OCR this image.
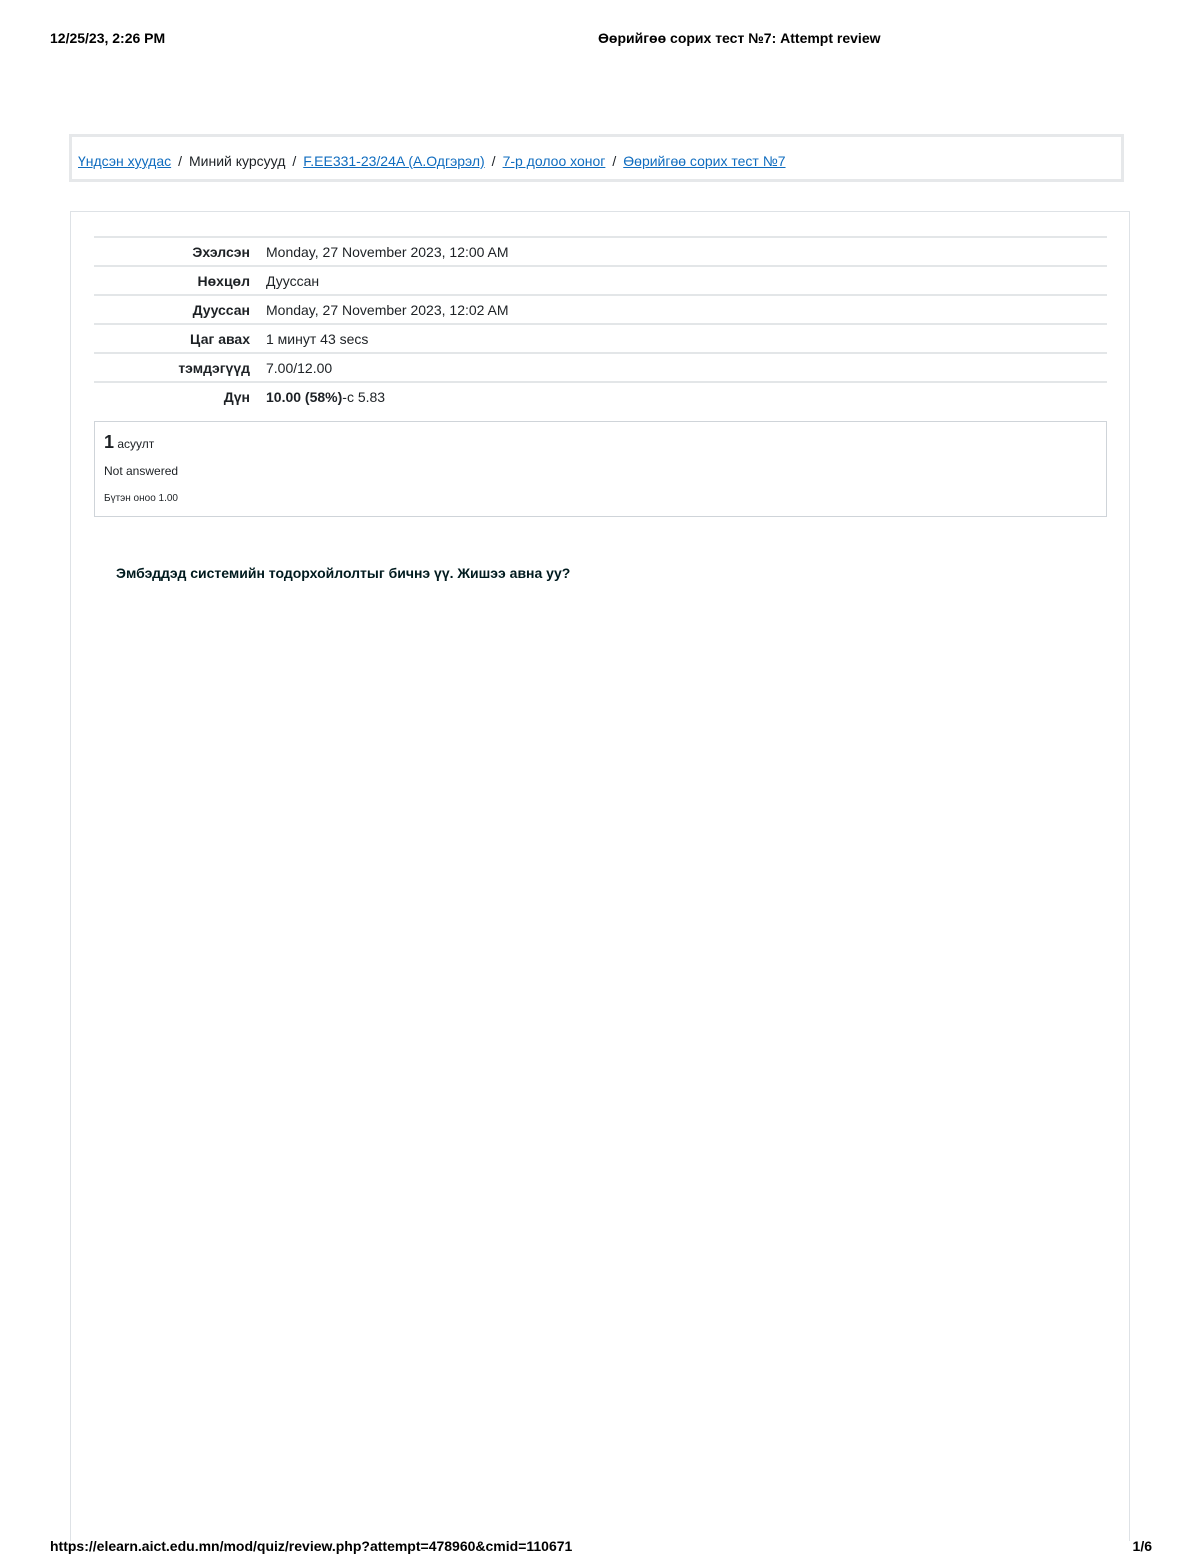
12/25/23, 2:26 PM	Өөрийгөө сорих тест №7: Attempt review
Үндсэн хуудас / Миний курсууд / F.EE331-23/24A (A.Одгэрэл) / 7-р долоо хоног / Өөрийгөө сорих тест №7
Эхэлсэн	Monday, 27 November 2023, 12:00 AM
Нөхцөл	Дууссан
Дууссан	Monday, 27 November 2023, 12:02 AM
Цаг авах	1 минут 43 secs
тэмдэгүүд	7.00/12.00
Дүн	10.00 (58%)-с 5.83
1 асуулт
Not answered
Бүтэн оноо 1.00
Эмбэддэд системийн тодорхойлолтыг бичнэ үү. Жишээ авна уу?
https://elearn.aict.edu.mn/mod/quiz/review.php?attempt=478960&cmid=110671	1/6
